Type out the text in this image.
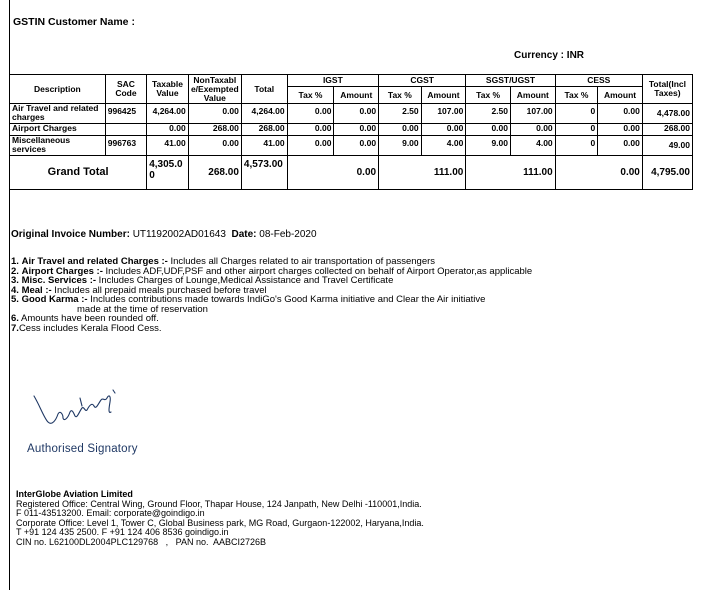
GSTIN Customer Name :
Currency : INR
Description	SAC Code	Taxable Value	NonTaxable/Exempted Value	Total	IGST		CGST		SGST/UGST		CESS		Total(Incl Taxes)
					Tax %	Amount	Tax %	Amount	Tax %	Amount	Tax %	Amount	
Air Travel and related charges	996425	4,264.00	0.00	4,264.00	0.00	0.00	2.50	107.00	2.50	107.00	0	0.00	4,478.00
Airport Charges		0.00	268.00	268.00	0.00	0.00	0.00	0.00	0.00	0.00	0	0.00	268.00
Miscellaneous services	996763	41.00	0.00	41.00	0.00	0.00	9.00	4.00	9.00	4.00	0	0.00	49.00
Grand Total		4,305.00	268.00	4,573.00	0.00		111.00		111.00		0.00		4,795.00
Original Invoice Number: UT1192002AD01643 Date: 08-Feb-2020
1. Air Travel and related Charges :- Includes all Charges related to air transportation of passengers
2. Airport Charges :- Includes ADF,UDF,PSF and other airport charges collected on behalf of Airport Operator,as applicable
3. Misc. Services :- Includes Charges of Lounge,Medical Assistance and Travel Certificate
4. Meal :- Includes all prepaid meals purchased before travel
5. Good Karma :- Includes contributions made towards IndiGo's Good Karma initiative and Clear the Air initiative
made at the time of reservation
6. Amounts have been rounded off.
7.Cess includes Kerala Flood Cess.
Authorised Signatory
InterGlobe Aviation Limited
Registered Office: Central Wing, Ground Floor, Thapar House, 124 Janpath, New Delhi -110001,India.
F 011-43513200. Email: corporate@goindigo.in
Corporate Office: Level 1, Tower C, Global Business park, MG Road, Gurgaon-122002, Haryana,India.
T +91 124 435 2500. F +91 124 406 8536 goindigo.in
CIN no. L62100DL2004PLC129768   ,   PAN no.  AABCI2726B
